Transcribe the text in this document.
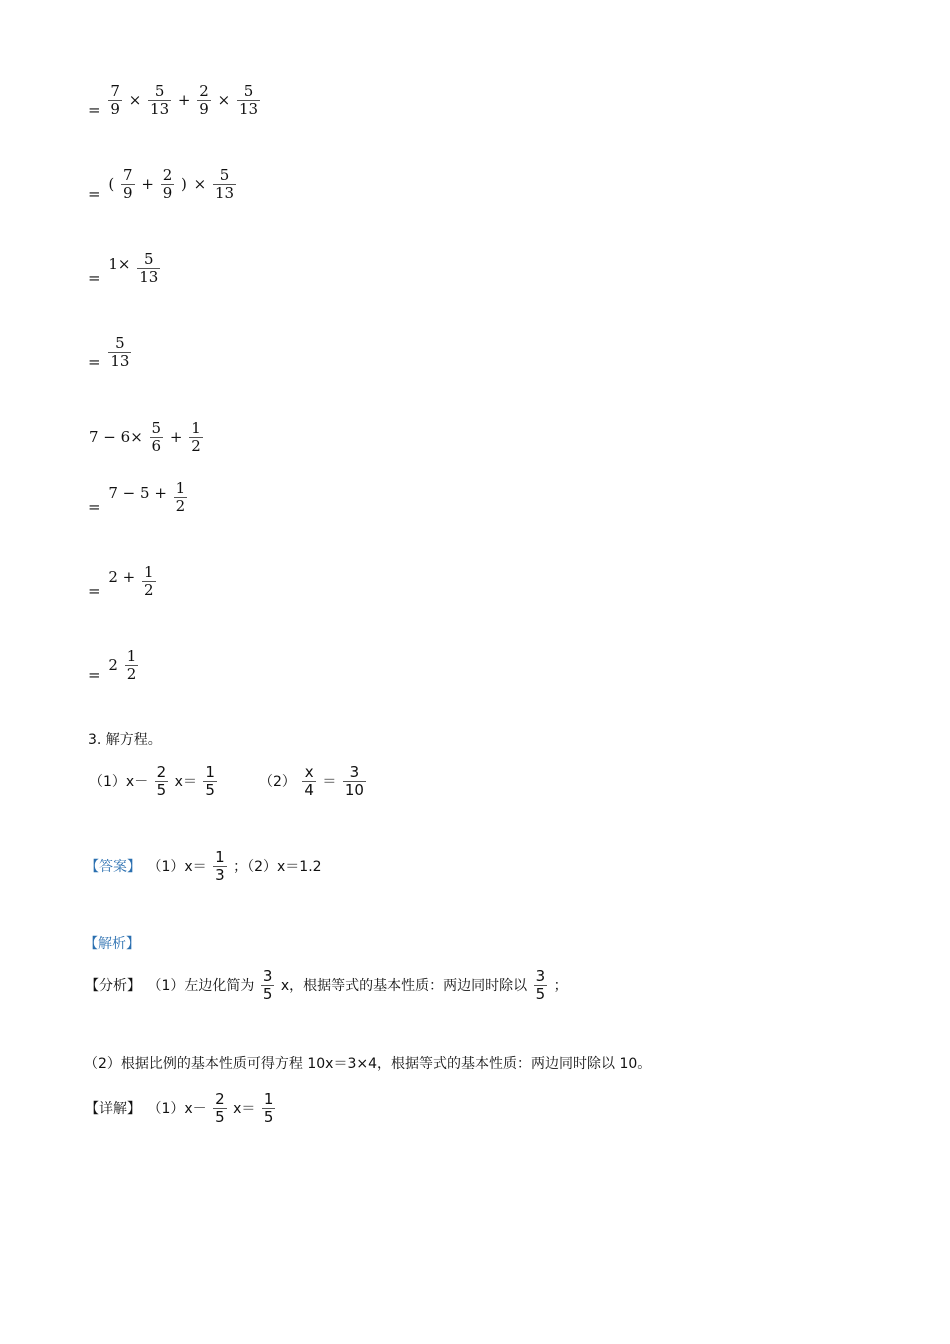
= $\frac{7}{9} \times \frac{5}{13} + \frac{2}{9} \times \frac{5}{13}$
= ( $\frac{7}{9} + \frac{2}{9}$ ) × $\frac{5}{13}$
= $1\times \frac{5}{13}$
= $\frac{5}{13}$
$7 - 6\times \frac{5}{6} + \frac{1}{2}$
= $7 - 5 + \frac{1}{2}$
= $2 + \frac{1}{2}$
= $2 \frac{1}{2}$
3. 解方程。
$(1)x- \frac{2}{5} x= \frac{1}{5}$	$(2) \frac{x}{4} = \frac{3}{10}$
【答案】 $(1)x= \frac{1}{3}$ ；（2）x＝1.2
【解析】
【分析】 （1）左边化简为 $\frac{3}{5}$ x，根据等式的基本性质：两边同时除以 $\frac{3}{5}$ ；
（2）根据比例的基本性质可得方程 10x＝3×4，根据等式的基本性质：两边同时除以 10。
【详解】 $(1)x- \frac{2}{5} x= \frac{1}{5}$
